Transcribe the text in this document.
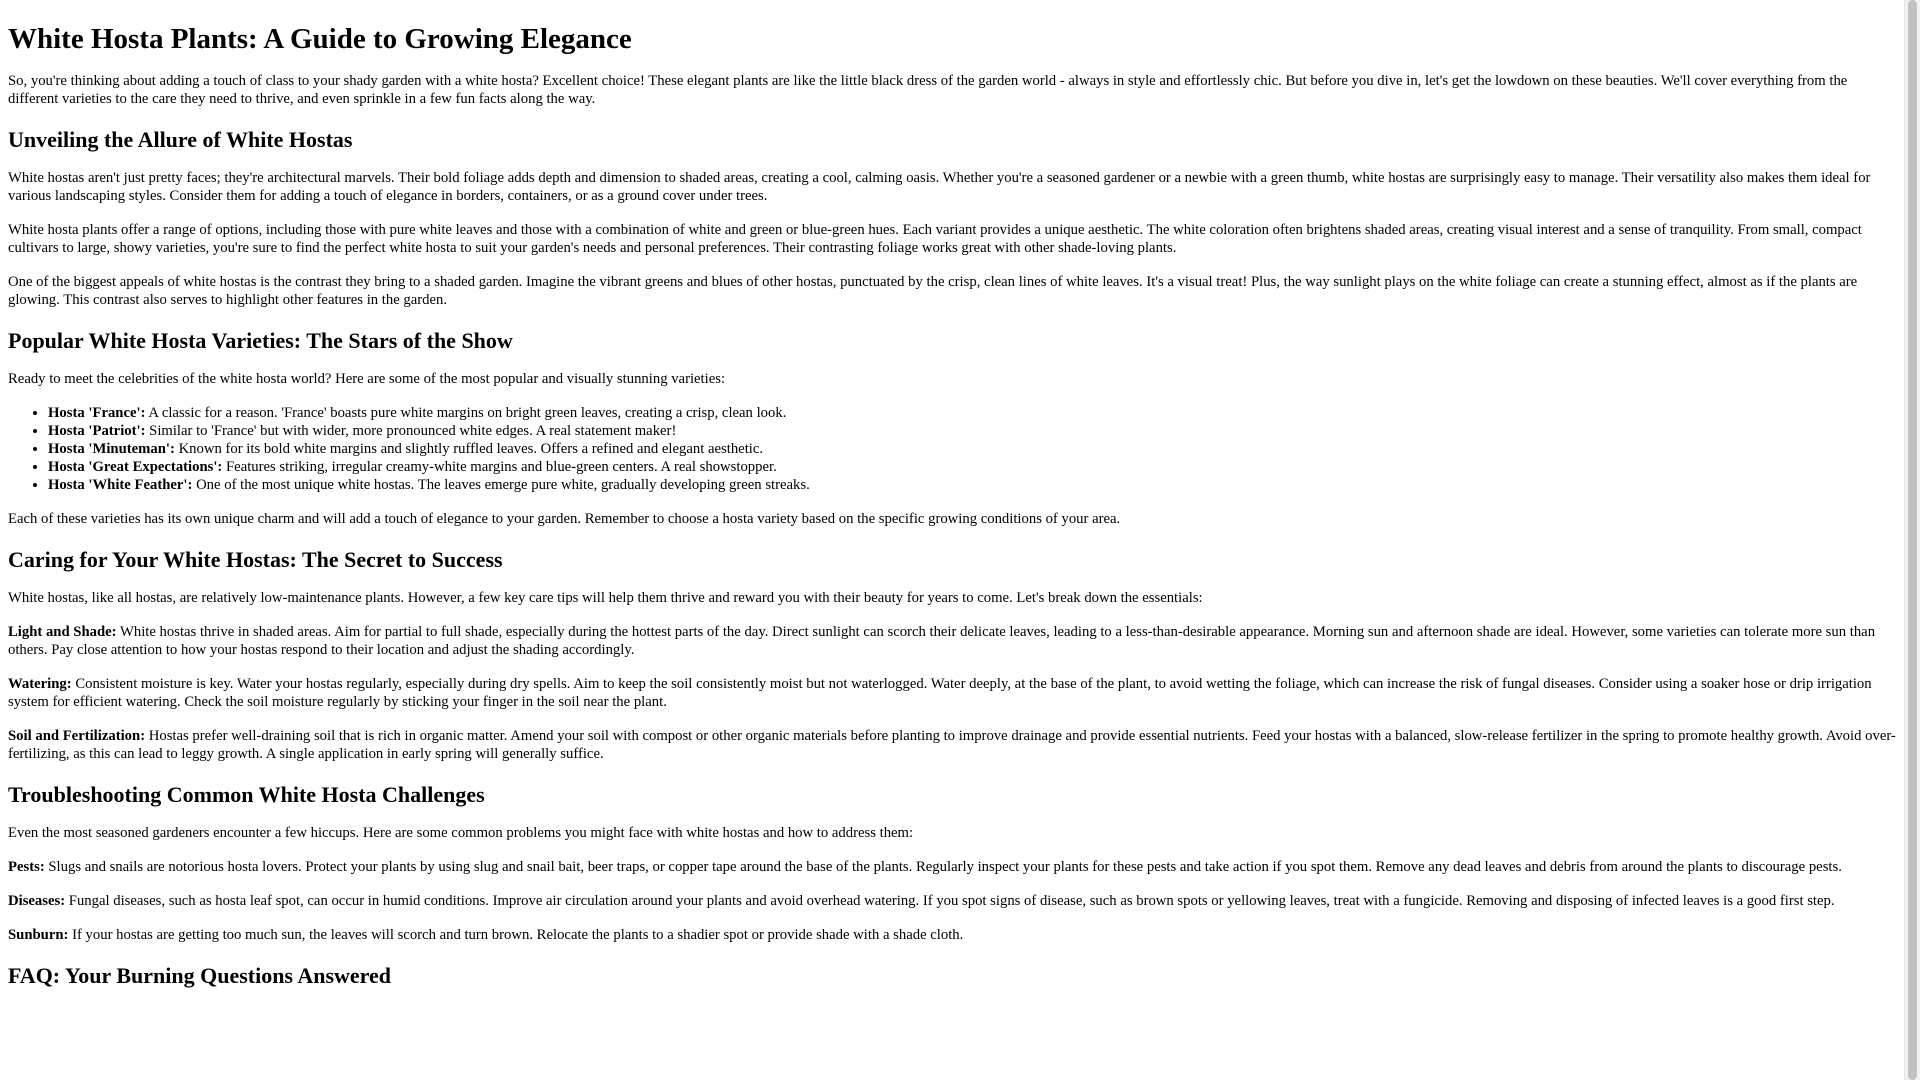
White Hosta Plants: A Guide to Growing Elegance

So, you're thinking about adding a touch of class to your shady garden with a white hosta? Excellent choice! These elegant plants are like the little black dress of the garden world - always in style and effortlessly chic. But before you dive in, let's get the lowdown on these beauties. We'll cover everything from the different varieties to the care they need to thrive, and even sprinkle in a few fun facts along the way.

Unveiling the Allure of White Hostas

White hostas aren't just pretty faces; they're architectural marvels. Their bold foliage adds depth and dimension to shaded areas, creating a cool, calming oasis. Whether you're a seasoned gardener or a newbie with a green thumb, white hostas are surprisingly easy to manage. Their versatility also makes them ideal for various landscaping styles. Consider them for adding a touch of elegance in borders, containers, or as a ground cover under trees.

White hosta plants offer a range of options, including those with pure white leaves and those with a combination of white and green or blue-green hues. Each variant provides a unique aesthetic. The white coloration often brightens shaded areas, creating visual interest and a sense of tranquility. From small, compact cultivars to large, showy varieties, you're sure to find the perfect white hosta to suit your garden's needs and personal preferences. Their contrasting foliage works great with other shade-loving plants.

One of the biggest appeals of white hostas is the contrast they bring to a shaded garden. Imagine the vibrant greens and blues of other hostas, punctuated by the crisp, clean lines of white leaves. It's a visual treat! Plus, the way sunlight plays on the white foliage can create a stunning effect, almost as if the plants are glowing. This contrast also serves to highlight other features in the garden.

Popular White Hosta Varieties: The Stars of the Show

Ready to meet the celebrities of the white hosta world? Here are some of the most popular and visually stunning varieties:

• Hosta 'France': A classic for a reason. 'France' boasts pure white margins on bright green leaves, creating a crisp, clean look.
• Hosta 'Patriot': Similar to 'France' but with wider, more pronounced white edges. A real statement maker!
• Hosta 'Minuteman': Known for its bold white margins and slightly ruffled leaves. Offers a refined and elegant aesthetic.
• Hosta 'Great Expectations': Features striking, irregular creamy-white margins and blue-green centers. A real showstopper.
• Hosta 'White Feather': One of the most unique white hostas. The leaves emerge pure white, gradually developing green streaks.

Each of these varieties has its own unique charm and will add a touch of elegance to your garden. Remember to choose a hosta variety based on the specific growing conditions of your area.

Caring for Your White Hostas: The Secret to Success

White hostas, like all hostas, are relatively low-maintenance plants. However, a few key care tips will help them thrive and reward you with their beauty for years to come. Let's break down the essentials:

Light and Shade: White hostas thrive in shaded areas. Aim for partial to full shade, especially during the hottest parts of the day. Direct sunlight can scorch their delicate leaves, leading to a less-than-desirable appearance. Morning sun and afternoon shade are ideal. However, some varieties can tolerate more sun than others. Pay close attention to how your hostas respond to their location and adjust the shading accordingly.

Watering: Consistent moisture is key. Water your hostas regularly, especially during dry spells. Aim to keep the soil consistently moist but not waterlogged. Water deeply, at the base of the plant, to avoid wetting the foliage, which can increase the risk of fungal diseases. Consider using a soaker hose or drip irrigation system for efficient watering. Check the soil moisture regularly by sticking your finger in the soil near the plant.

Soil and Fertilization: Hostas prefer well-draining soil that is rich in organic matter. Amend your soil with compost or other organic materials before planting to improve drainage and provide essential nutrients. Feed your hostas with a balanced, slow-release fertilizer in the spring to promote healthy growth. Avoid over-fertilizing, as this can lead to leggy growth. A single application in early spring will generally suffice.

Troubleshooting Common White Hosta Challenges

Even the most seasoned gardeners encounter a few hiccups. Here are some common problems you might face with white hostas and how to address them:

Pests: Slugs and snails are notorious hosta lovers. Protect your plants by using slug and snail bait, beer traps, or copper tape around the base of the plants. Regularly inspect your plants for these pests and take action if you spot them. Remove any dead leaves and debris from around the plants to discourage pests.

Diseases: Fungal diseases, such as hosta leaf spot, can occur in humid conditions. Improve air circulation around your plants and avoid overhead watering. If you spot signs of disease, such as brown spots or yellowing leaves, treat with a fungicide. Removing and disposing of infected leaves is a good first step.

Sunburn: If your hostas are getting too much sun, the leaves will scorch and turn brown. Relocate the plants to a shadier spot or provide shade with a shade cloth.

FAQ: Your Burning Questions Answered
